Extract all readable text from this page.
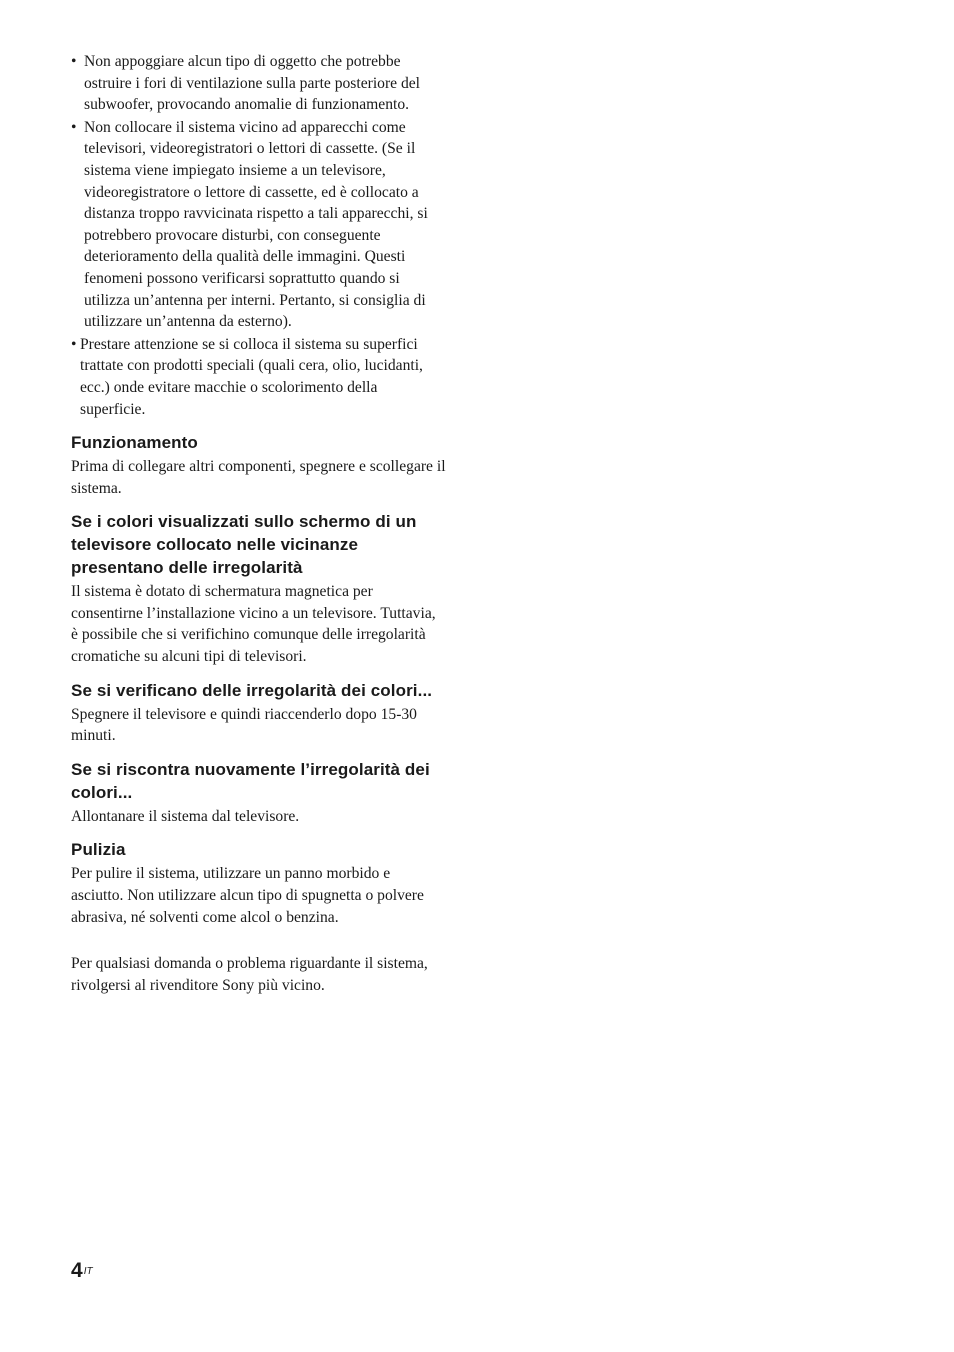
• Non appoggiare alcun tipo di oggetto che potrebbe ostruire i fori di ventilazione sulla parte posteriore del subwoofer, provocando anomalie di funzionamento.
• Non collocare il sistema vicino ad apparecchi come televisori, videoregistratori o lettori di cassette. (Se il sistema viene impiegato insieme a un televisore, videoregistratore o lettore di cassette, ed è collocato a distanza troppo ravvicinata rispetto a tali apparecchi, si potrebbero provocare disturbi, con conseguente deterioramento della qualità delle immagini. Questi fenomeni possono verificarsi soprattutto quando si utilizza un’antenna per interni. Pertanto, si consiglia di utilizzare un’antenna da esterno).
• Prestare attenzione se si colloca il sistema su superfici trattate con prodotti speciali (quali cera, olio, lucidanti, ecc.) onde evitare macchie o scolorimento della superficie.
Funzionamento

Prima di collegare altri componenti, spegnere e scollegare il sistema.

Se i colori visualizzati sullo schermo di un televisore collocato nelle vicinanze presentano delle irregolarità

Il sistema è dotato di schermatura magnetica per consentirne l’installazione vicino a un televisore. Tuttavia, è possibile che si verifichino comunque delle irregolarità cromatiche su alcuni tipi di televisori.

Se si verificano delle irregolarità dei colori...

Spegnere il televisore e quindi riaccenderlo dopo 15-30 minuti.

Se si riscontra nuovamente l’irregolarità dei colori...

Allontanare il sistema dal televisore.

Pulizia

Per pulire il sistema, utilizzare un panno morbido e asciutto. Non utilizzare alcun tipo di spugnetta o polvere abrasiva, né solventi come alcol o benzina.

Per qualsiasi domanda o problema riguardante il sistema, rivolgersi al rivenditore Sony più vicino.

$4^{IT}$
